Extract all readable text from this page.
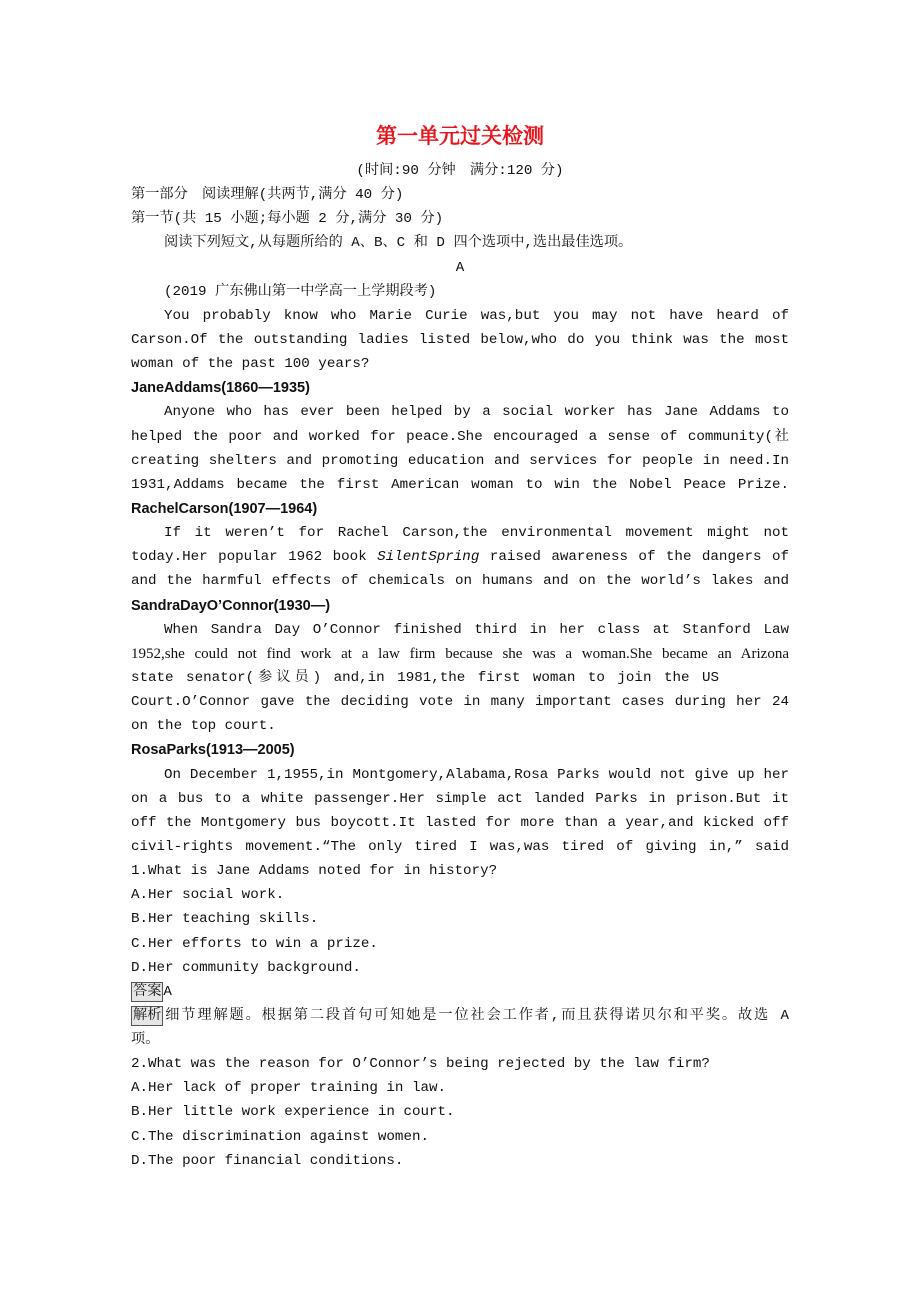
第一单元过关检测
(时间:90 分钟　满分:120 分)
第一部分　阅读理解(共两节,满分 40 分)
第一节(共 15 小题;每小题 2 分,满分 30 分)
阅读下列短文,从每题所给的 A、B、C 和 D 四个选项中,选出最佳选项。
A
(2019 广东佛山第一中学高一上学期段考)
You probably know who Marie Curie was,but you may not have heard of
Carson.Of the outstanding ladies listed below,who do you think was the most
woman of the past 100 years?
JaneAddams(1860—1935)
Anyone who has ever been helped by a social worker has Jane Addams to
helped the poor and worked for peace.She encouraged a sense of community(社
creating shelters and promoting education and services for people in need.In
1931,Addams became the first American woman to win the Nobel Peace Prize.
RachelCarson(1907—1964)
If it weren’t for Rachel Carson,the environmental movement might not
today.Her popular 1962 book SilentSpring raised awareness of the dangers of
and the harmful effects of chemicals on humans and on the world’s lakes and
SandraDayO’Connor(1930—)
When Sandra Day O’Connor finished third in her class at Stanford Law
1952,she could not find work at a law firm because she was a woman.She became an Arizona
state senator(参议员) and,in 1981,the first woman to join the US
Court.O’Connor gave the deciding vote in many important cases during her 24
on the top court.
RosaParks(1913—2005)
On December 1,1955,in Montgomery,Alabama,Rosa Parks would not give up her
on a bus to a white passenger.Her simple act landed Parks in prison.But it
off the Montgomery bus boycott.It lasted for more than a year,and kicked off
civil-rights movement.“The only tired I was,was tired of giving in,” said
1.What is Jane Addams noted for in history?
A.Her social work.
B.Her teaching skills.
C.Her efforts to win a prize.
D.Her community background.
答案 A
解析 细节理解题。根据第二段首句可知她是一位社会工作者,而且获得诺贝尔和平奖。故选 A
项。
2.What was the reason for O’Connor’s being rejected by the law firm?
A.Her lack of proper training in law.
B.Her little work experience in court.
C.The discrimination against women.
D.The poor financial conditions.
